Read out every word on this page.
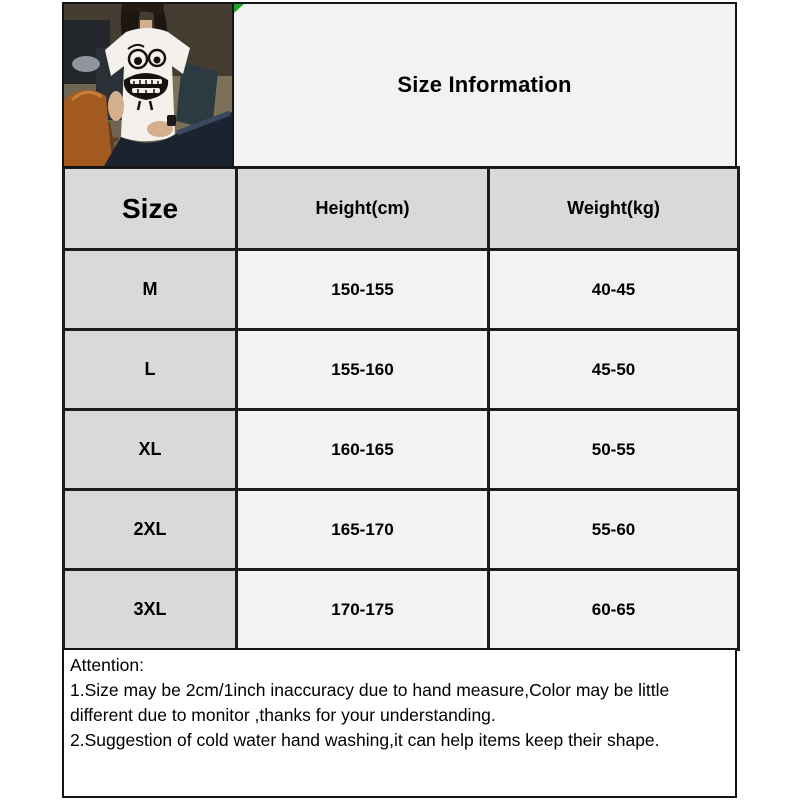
Size Information
Size	Height(cm)	Weight(kg)
M	150-155	40-45
L	155-160	45-50
XL	160-165	50-55
2XL	165-170	55-60
3XL	170-175	60-65

Attention:

1.Size may be 2cm/1inch inaccuracy due to hand measure,Color may be little different due to monitor ,thanks for your understanding.

2.Suggestion of cold water hand washing,it can help items keep their shape.
